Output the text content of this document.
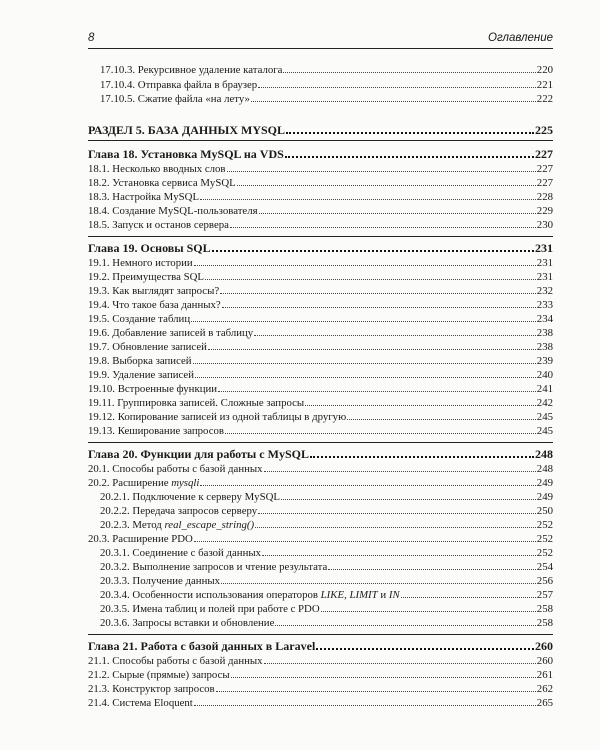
8	Оглавление
17.10.3. Рекурсивное удаление каталога	220
17.10.4. Отправка файла в браузер	221
17.10.5. Сжатие файла «на лету»	222
РАЗДЕЛ 5. БАЗА ДАННЫХ MYSQL	225
Глава 18. Установка MySQL на VDS	227
18.1. Несколько вводных слов	227
18.2. Установка сервиса MySQL	227
18.3. Настройка MySQL	228
18.4. Создание MySQL-пользователя	229
18.5. Запуск и останов сервера	230
Глава 19. Основы SQL	231
19.1. Немного истории	231
19.2. Преимущества SQL	231
19.3. Как выглядят запросы?	232
19.4. Что такое база данных?	233
19.5. Создание таблиц	234
19.6. Добавление записей в таблицу	238
19.7. Обновление записей	238
19.8. Выборка записей	239
19.9. Удаление записей	240
19.10. Встроенные функции	241
19.11. Группировка записей. Сложные запросы	242
19.12. Копирование записей из одной таблицы в другую	245
19.13. Кеширование запросов	245
Глава 20. Функции для работы с MySQL	248
20.1. Способы работы с базой данных	248
20.2. Расширение mysqli	249
20.2.1. Подключение к серверу MySQL	249
20.2.2. Передача запросов серверу	250
20.2.3. Метод real_escape_string()	252
20.3. Расширение PDO	252
20.3.1. Соединение с базой данных	252
20.3.2. Выполнение запросов и чтение результата	254
20.3.3. Получение данных	256
20.3.4. Особенности использования операторов LIKE, LIMIT и IN	257
20.3.5. Имена таблиц и полей при работе с PDO	258
20.3.6. Запросы вставки и обновление	258
Глава 21. Работа с базой данных в Laravel	260
21.1. Способы работы с базой данных	260
21.2. Сырые (прямые) запросы	261
21.3. Конструктор запросов	262
21.4. Система Eloquent	265
